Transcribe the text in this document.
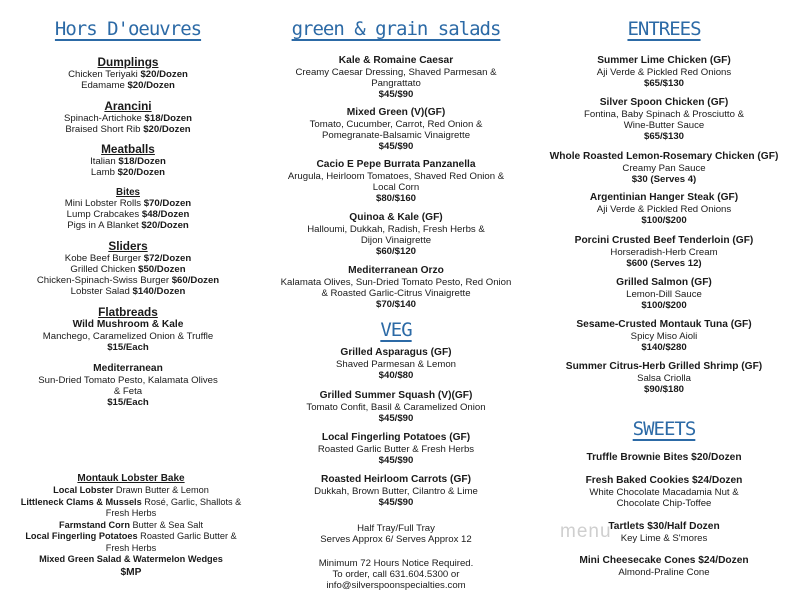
menu
Hors D'oeuvres
Dumplings
Chicken Teriyaki $20/Dozen
Edamame $20/Dozen
Arancini
Spinach-Artichoke $18/Dozen
Braised Short Rib $20/Dozen
Meatballs
Italian $18/Dozen
Lamb $20/Dozen
Bites
Mini Lobster Rolls $70/Dozen
Lump Crabcakes $48/Dozen
Pigs in A Blanket $20/Dozen
Sliders
Kobe Beef Burger $72/Dozen
Grilled Chicken $50/Dozen
Chicken-Spinach-Swiss Burger $60/Dozen
Lobster Salad $140/Dozen
Flatbreads
Wild Mushroom & Kale
Manchego, Caramelized Onion & Truffle
$15/Each
Mediterranean
Sun-Dried Tomato Pesto, Kalamata Olives
& Feta
$15/Each
Montauk Lobster Bake
Local Lobster Drawn Butter & Lemon
Littleneck Clams & Mussels Rosé, Garlic, Shallots &
Fresh Herbs
Farmstand Corn Butter & Sea Salt
Local Fingerling Potatoes Roasted Garlic Butter &
Fresh Herbs
Mixed Green Salad & Watermelon Wedges
$MP
green & grain salads
Kale & Romaine Caesar
Creamy Caesar Dressing, Shaved Parmesan &
Pangrattato
$45/$90
Mixed Green (V)(GF)
Tomato, Cucumber, Carrot, Red Onion &
Pomegranate-Balsamic Vinaigrette
$45/$90
Cacio E Pepe Burrata Panzanella
Arugula, Heirloom Tomatoes, Shaved Red Onion &
Local Corn
$80/$160
Quinoa & Kale (GF)
Halloumi, Dukkah, Radish, Fresh Herbs &
Dijon Vinaigrette
$60/$120
Mediterranean Orzo
Kalamata Olives, Sun-Dried Tomato Pesto, Red Onion
& Roasted Garlic-Citrus Vinaigrette
$70/$140
VEG
Grilled Asparagus (GF)
Shaved Parmesan & Lemon
$40/$80
Grilled Summer Squash (V)(GF)
Tomato Confit, Basil & Caramelized Onion
$45/$90
Local Fingerling Potatoes (GF)
Roasted Garlic Butter & Fresh Herbs
$45/$90
Roasted Heirloom Carrots (GF)
Dukkah, Brown Butter, Cilantro & Lime
$45/$90
Half Tray/Full Tray
Serves Approx 6/ Serves Approx 12
Minimum 72 Hours Notice Required.
To order, call 631.604.5300 or
info@silverspoonspecialties.com
ENTREES
Summer Lime Chicken (GF)
Aji Verde & Pickled Red Onions
$65/$130
Silver Spoon Chicken (GF)
Fontina, Baby Spinach & Prosciutto &
Wine-Butter Sauce
$65/$130
Whole Roasted Lemon-Rosemary Chicken (GF)
Creamy Pan Sauce
$30 (Serves 4)
Argentinian Hanger Steak (GF)
Aji Verde & Pickled Red Onions
$100/$200
Porcini Crusted Beef Tenderloin (GF)
Horseradish-Herb Cream
$600 (Serves 12)
Grilled Salmon (GF)
Lemon-Dill Sauce
$100/$200
Sesame-Crusted Montauk Tuna (GF)
Spicy Miso Aioli
$140/$280
Summer Citrus-Herb Grilled Shrimp (GF)
Salsa Criolla
$90/$180
SWEETS
Truffle Brownie Bites $20/Dozen
Fresh Baked Cookies $24/Dozen
White Chocolate Macadamia Nut &
Chocolate Chip-Toffee
Tartlets $30/Half Dozen
Key Lime & S'mores
Mini Cheesecake Cones $24/Dozen
Almond-Praline Cone
